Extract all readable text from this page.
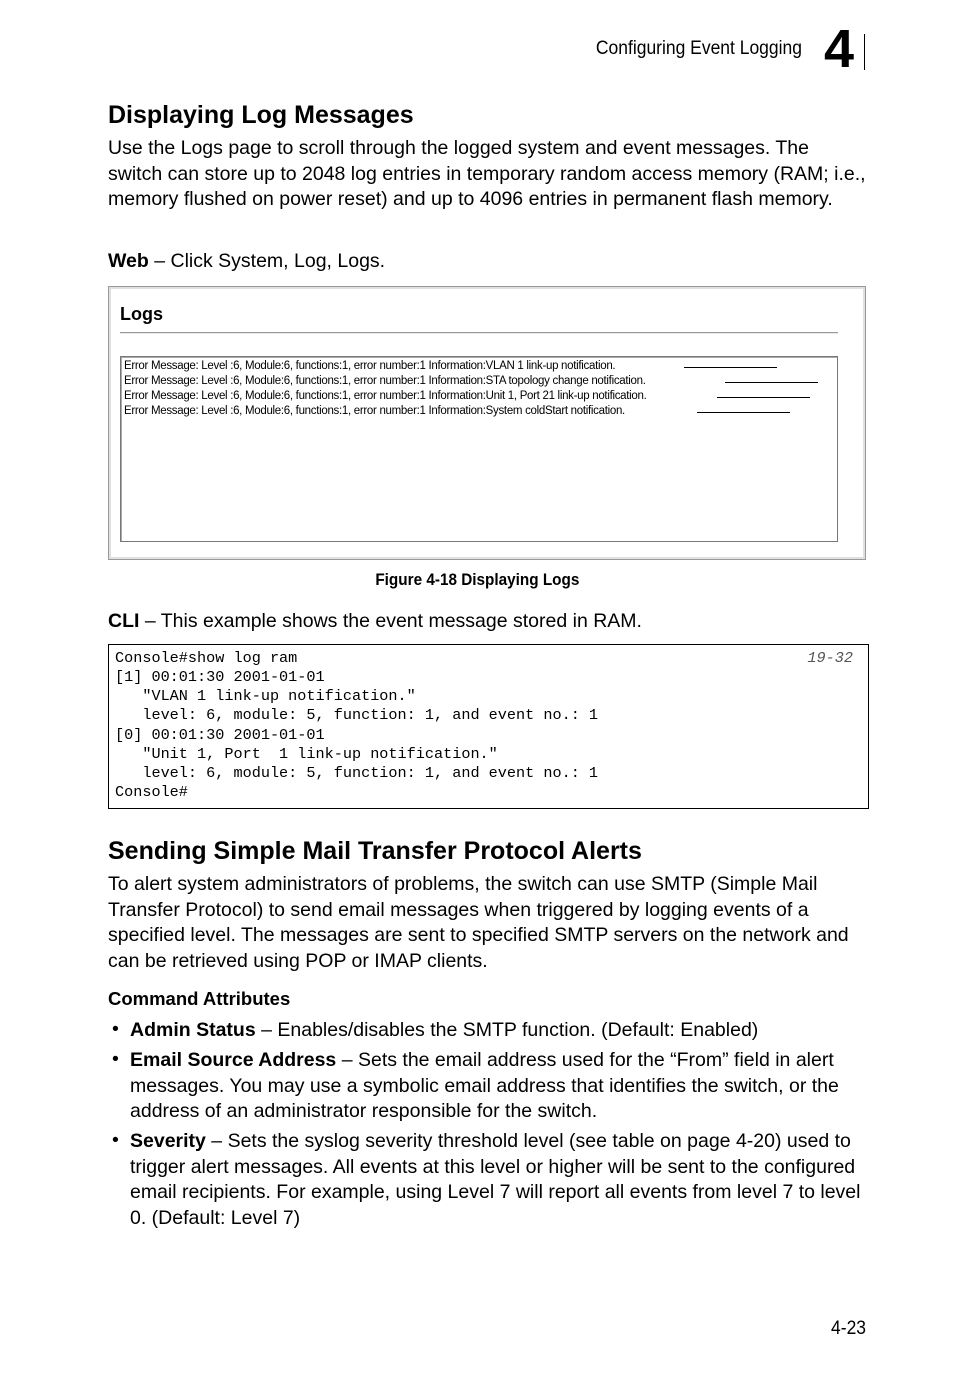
Configuring Event Logging 4
Displaying Log Messages

Use the Logs page to scroll through the logged system and event messages. The switch can store up to 2048 log entries in temporary random access memory (RAM; i.e., memory flushed on power reset) and up to 4096 entries in permanent flash memory.

Web – Click System, Log, Logs.

Logs
Error Message: Level :6, Module:6, functions:1, error number:1 Information:VLAN 1 link-up notification.
Error Message: Level :6, Module:6, functions:1, error number:1 Information:STA topology change notification.
Error Message: Level :6, Module:6, functions:1, error number:1 Information:Unit 1, Port 21 link-up notification.
Error Message: Level :6, Module:6, functions:1, error number:1 Information:System coldStart notification.
Figure 4-18 Displaying Logs

CLI – This example shows the event message stored in RAM.

19-32
Console#show log ram
[1] 00:01:30 2001-01-01
"VLAN 1 link-up notification."
level: 6, module: 5, function: 1, and event no.: 1
[0] 00:01:30 2001-01-01
"Unit 1, Port  1 link-up notification."
level: 6, module: 5, function: 1, and event no.: 1
Console#
Sending Simple Mail Transfer Protocol Alerts

To alert system administrators of problems, the switch can use SMTP (Simple Mail Transfer Protocol) to send email messages when triggered by logging events of a specified level. The messages are sent to specified SMTP servers on the network and can be retrieved using POP or IMAP clients.

Command Attributes

• Admin Status – Enables/disables the SMTP function. (Default: Enabled)

• Email Source Address – Sets the email address used for the “From” field in alert messages. You may use a symbolic email address that identifies the switch, or the address of an administrator responsible for the switch.

• Severity – Sets the syslog severity threshold level (see table on page 4-20) used to trigger alert messages. All events at this level or higher will be sent to the configured email recipients. For example, using Level 7 will report all events from level 7 to level 0. (Default: Level 7)

4-23
